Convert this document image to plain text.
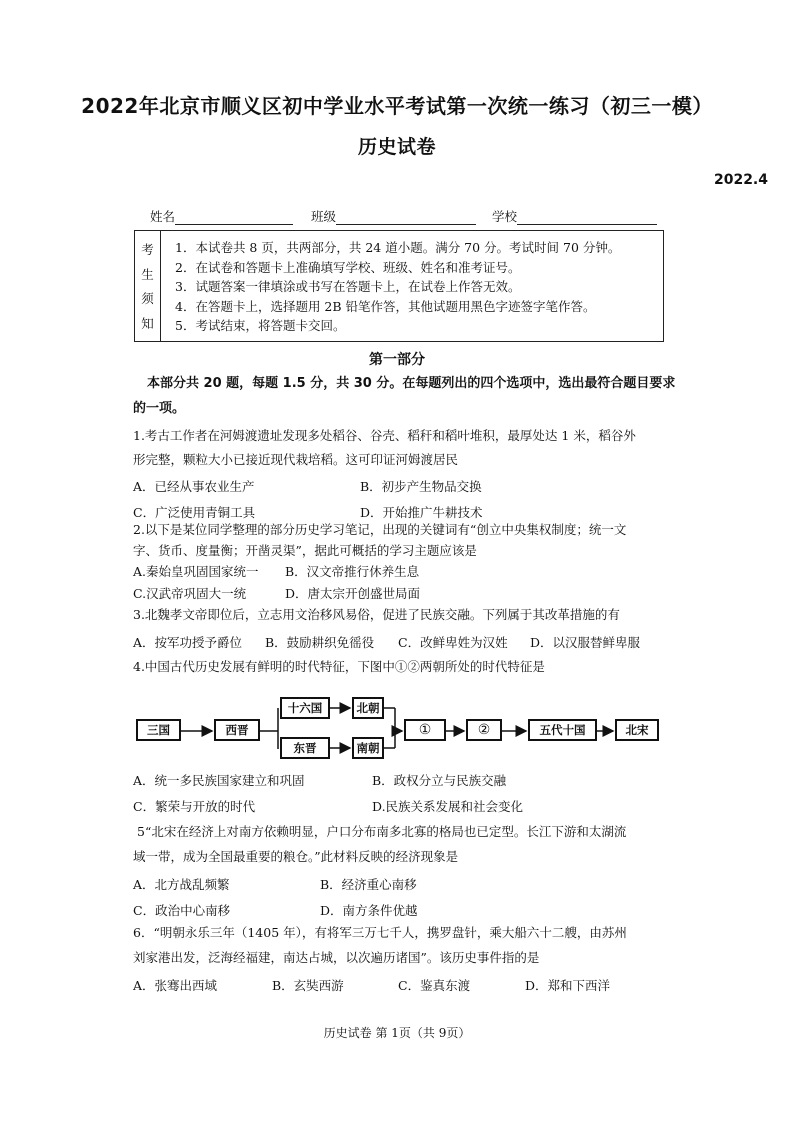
2022年北京市顺义区初中学业水平考试第一次统一练习（初三一模）
历史试卷
2022.4
姓名	班级	学校
考
生
须
知
1．本试卷共 8 页，共两部分，共 24 道小题。满分 70 分。考试时间 70 分钟。
2．在试卷和答题卡上准确填写学校、班级、姓名和准考证号。
3．试题答案一律填涂或书写在答题卡上，在试卷上作答无效。
4．在答题卡上，选择题用 2B 铅笔作答，其他试题用黑色字迹签字笔作答。
5．考试结束，将答题卡交回。
第一部分
本部分共 20 题，每题 1.5 分，共 30 分。在每题列出的四个选项中，选出最符合题目要求
的一项。
1.考古工作者在河姆渡遗址发现多处稻谷、谷壳、稻秆和稻叶堆积，最厚处达 1 米，稻谷外
形完整，颗粒大小已接近现代栽培稻。这可印证河姆渡居民
A．已经从事农业生产	B．初步产生物品交换
C．广泛使用青铜工具	D．开始推广牛耕技术
2.以下是某位同学整理的部分历史学习笔记，出现的关键词有“创立中央集权制度；统一文
字、货币、度量衡；开凿灵渠”，据此可概括的学习主题应该是
A.秦始皇巩固国家统一 B．汉文帝推行休养生息
C.汉武帝巩固大一统	D．唐太宗开创盛世局面
3.北魏孝文帝即位后，立志用文治移风易俗，促进了民族交融。下列属于其改革措施的有
A．按军功授予爵位 B．鼓励耕织免徭役 C．改鲜卑姓为汉姓 D．以汉服替鲜卑服
4.中国古代历史发展有鲜明的时代特征，下图中①②两朝所处的时代特征是
三国	西晋
十六国
东晋
北朝
南朝
①	②	五代十国	北宋
A．统一多民族国家建立和巩固	B．政权分立与民族交融
C．繁荣与开放的时代	D.民族关系发展和社会变化
5“北宋在经济上对南方依赖明显，户口分布南多北寡的格局也已定型。长江下游和太湖流
域一带，成为全国最重要的粮仓。”此材料反映的经济现象是
A．北方战乱频繁	B．经济重心南移
C．政治中心南移	D．南方条件优越
6．“明朝永乐三年（1405 年），有将军三万七千人，携罗盘针，乘大船六十二艘，由苏州
刘家港出发，泛海经福建，南达占城，以次遍历诸国”。该历史事件指的是
A．张骞出西域	B．玄奘西游	C．鉴真东渡	D．郑和下西洋
历史试卷 第 1页（共 9页）
